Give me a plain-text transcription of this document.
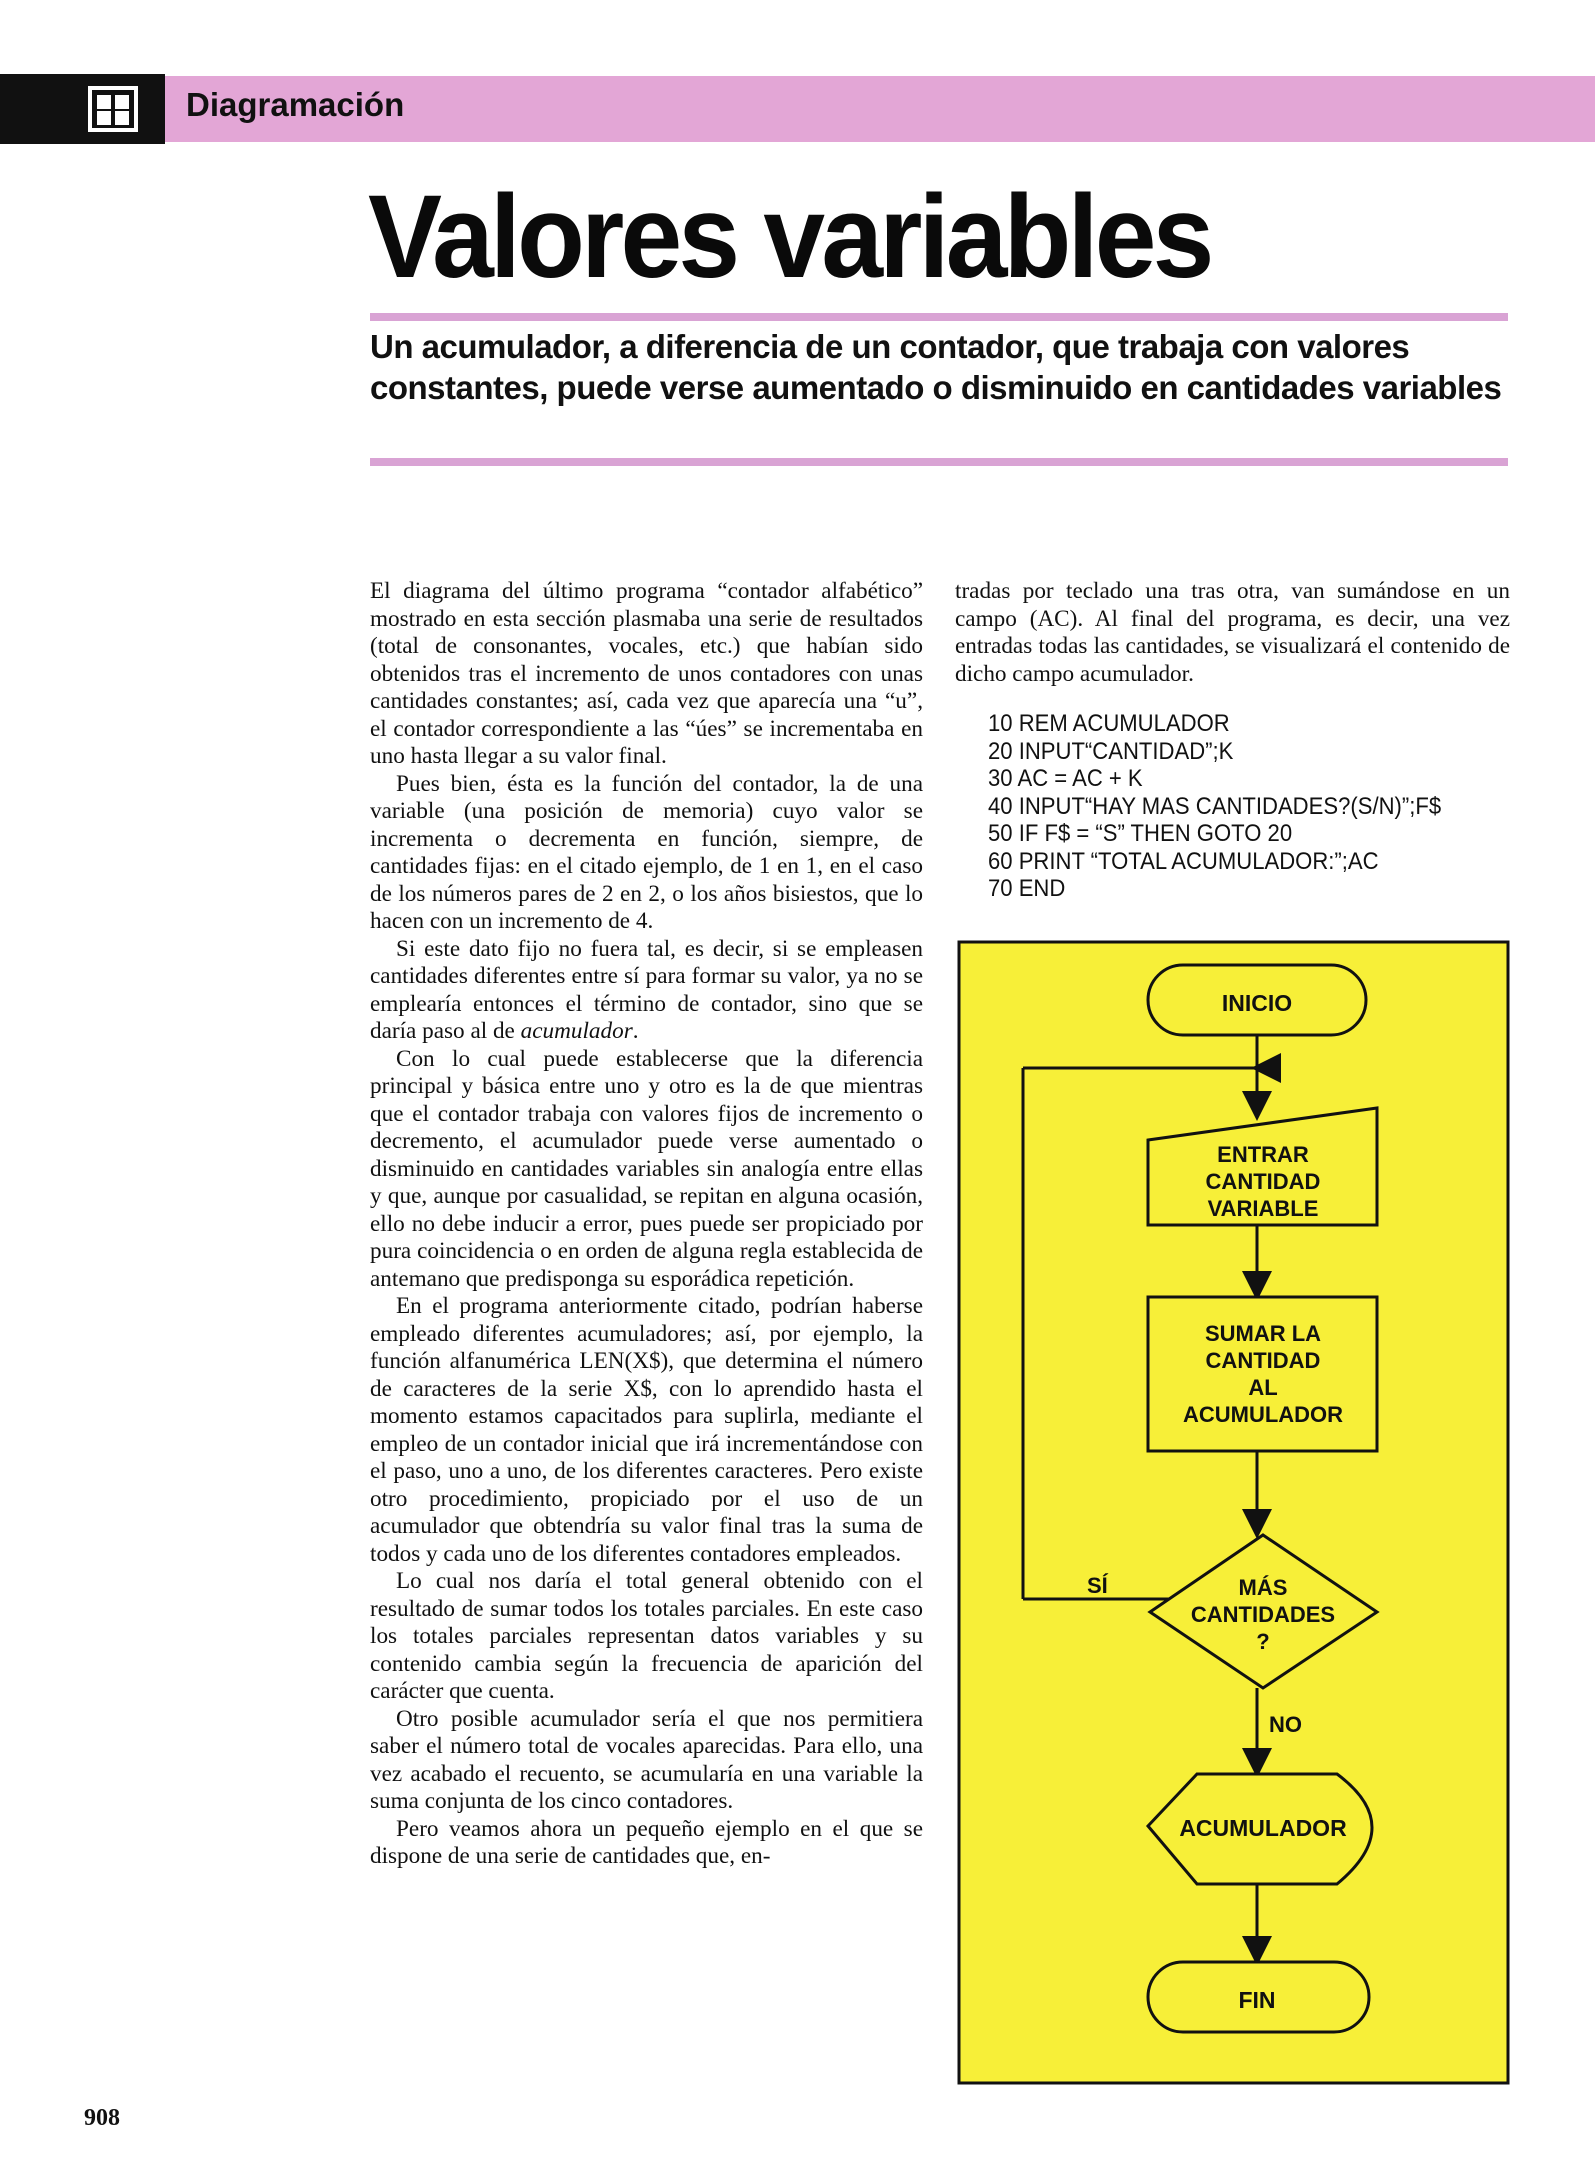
Diagramación
Valores variables
Un acumulador, a diferencia de un contador, que trabaja con valores constantes, puede verse aumentado o disminuido en cantidades variables

El diagrama del último programa “contador alfabético” mostrado en esta sección plasmaba una serie de resultados (total de consonantes, vocales, etc.) que habían sido obtenidos tras el incremento de unos contadores con unas cantidades constantes; así, cada vez que aparecía una “u”, el contador correspondiente a las “úes” se incrementaba en uno hasta llegar a su valor final.

Pues bien, ésta es la función del contador, la de una variable (una posición de memoria) cuyo valor se incrementa o decrementa en función, siempre, de cantidades fijas: en el citado ejemplo, de 1 en 1, en el caso de los números pares de 2 en 2, o los años bisiestos, que lo hacen con un incremento de 4.

Si este dato fijo no fuera tal, es decir, si se empleasen cantidades diferentes entre sí para formar su valor, ya no se emplearía entonces el término de contador, sino que se daría paso al de acumulador.

Con lo cual puede establecerse que la diferencia principal y básica entre uno y otro es la de que mientras que el contador trabaja con valores fijos de incremento o decremento, el acumulador puede verse aumentado o disminuido en cantidades variables sin analogía entre ellas y que, aunque por casualidad, se repitan en alguna ocasión, ello no debe inducir a error, pues puede ser propiciado por pura coincidencia o en orden de alguna regla establecida de antemano que predisponga su esporádica repetición.

En el programa anteriormente citado, podrían haberse empleado diferentes acumuladores; así, por ejemplo, la función alfanumérica LEN(X$), que determina el número de caracteres de la serie X$, con lo aprendido hasta el momento estamos capacitados para suplirla, mediante el empleo de un contador inicial que irá incrementándose con el paso, uno a uno, de los diferentes caracteres. Pero existe otro procedimiento, propiciado por el uso de un acumulador que obtendría su valor final tras la suma de todos y cada uno de los diferentes contadores empleados.

Lo cual nos daría el total general obtenido con el resultado de sumar todos los totales parciales. En este caso los totales parciales representan datos variables y su contenido cambia según la frecuencia de aparición del carácter que cuenta.

Otro posible acumulador sería el que nos permitiera saber el número total de vocales aparecidas. Para ello, una vez acabado el recuento, se acumularía en una variable la suma conjunta de los cinco contadores.

Pero veamos ahora un pequeño ejemplo en el que se dispone de una serie de cantidades que, en-

tradas por teclado una tras otra, van sumándose en un campo (AC). Al final del programa, es decir, una vez entradas todas las cantidades, se visualizará el contenido de dicho campo acumulador.

10 REM ACUMULADOR
20 INPUT“CANTIDAD”;K
30 AC = AC + K
40 INPUT“HAY MAS CANTIDADES?(S/N)”;F$
50 IF F$ = “S” THEN GOTO 20
60 PRINT “TOTAL ACUMULADOR:”;AC
70 END
INICIO
ENTRAR
CANTIDAD
VARIABLE
SUMAR LA
CANTIDAD
AL
ACUMULADOR
MÁS
CANTIDADES
?
SÍ
NO
ACUMULADOR
FIN
908
